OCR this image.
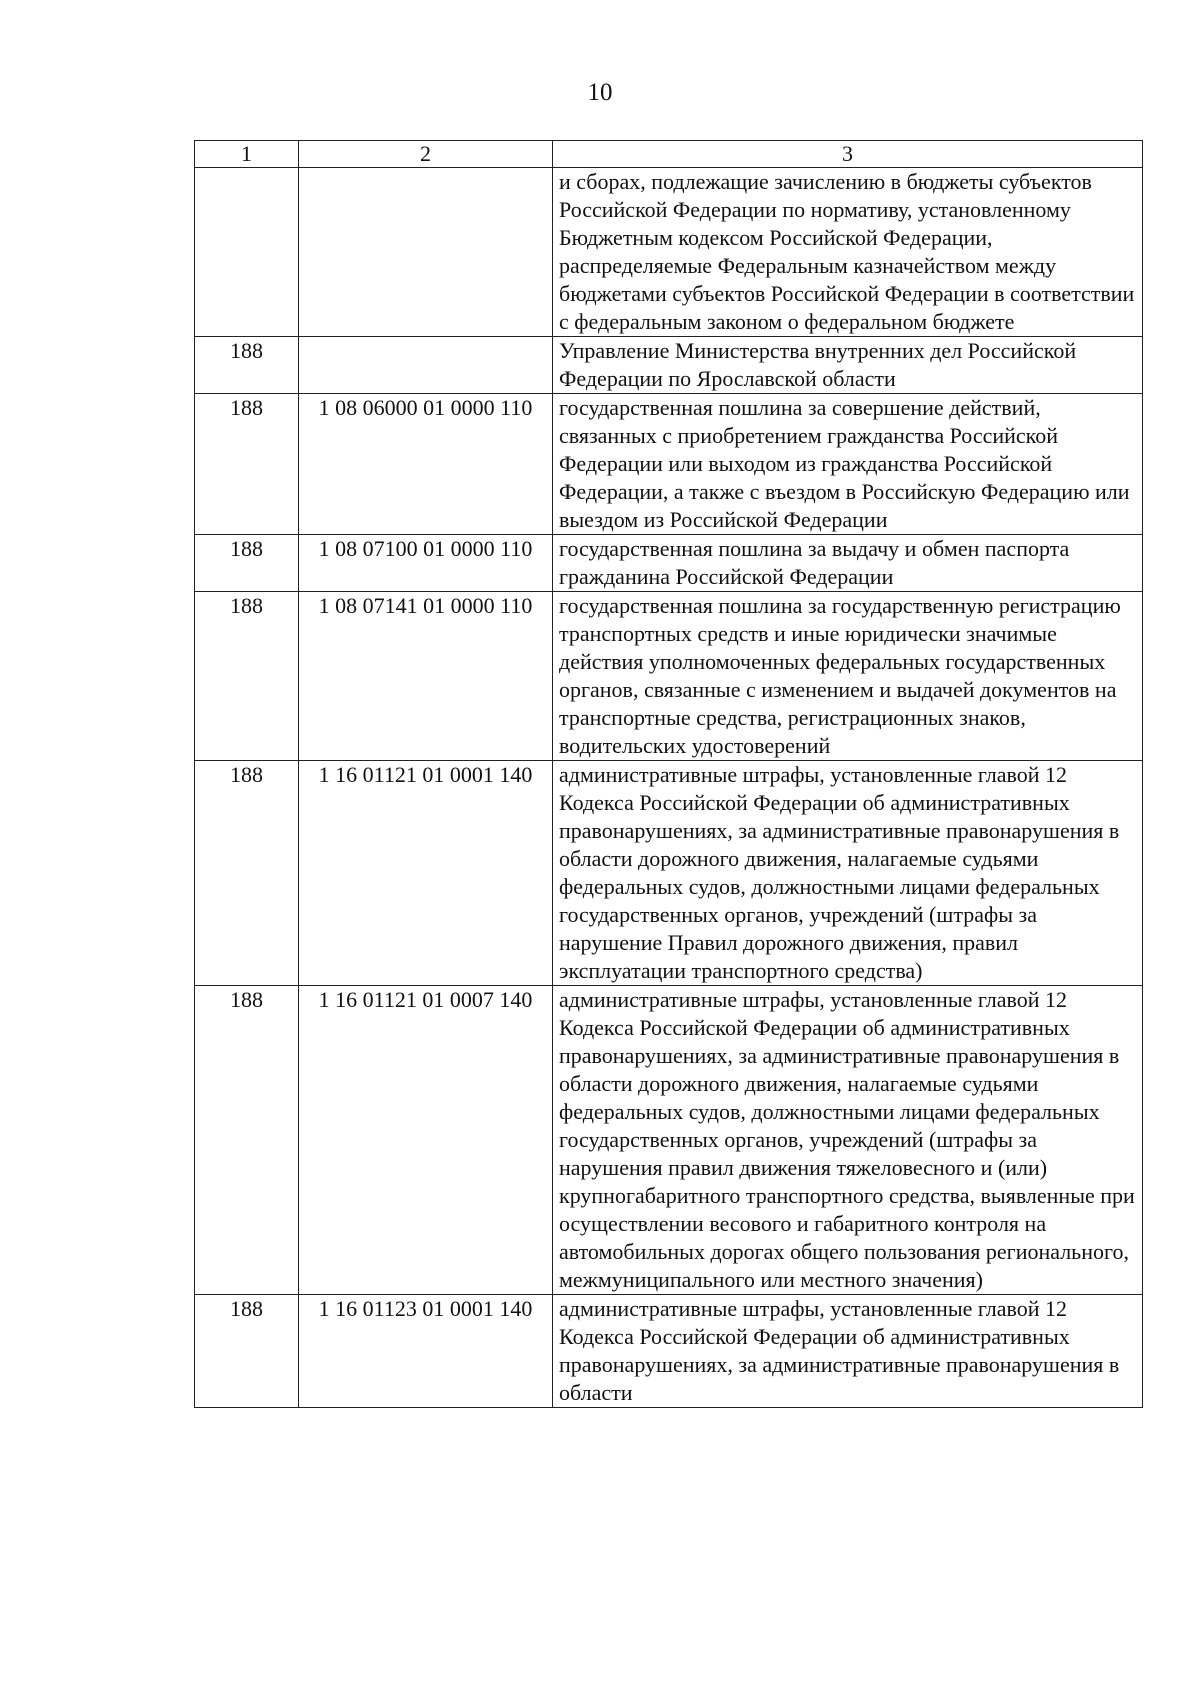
10
1	2	3
		и сборах, подлежащие зачислению в бюджеты субъектов Российской Федерации по нормативу, установленному Бюджетным кодексом Российской Федерации, распределяемые Федеральным казначейством между бюджетами субъектов Российской Федерации в соответствии с федеральным законом о федеральном бюджете
188		Управление Министерства внутренних дел Российской Федерации по Ярославской области
188	1 08 06000 01 0000 110	государственная пошлина за совершение действий, связанных с приобретением гражданства Российской Федерации или выходом из гражданства Российской Федерации, а также с въездом в Российскую Федерацию или выездом из Российской Федерации
188	1 08 07100 01 0000 110	государственная пошлина за выдачу и обмен паспорта гражданина Российской Федерации
188	1 08 07141 01 0000 110	государственная пошлина за государственную регистрацию транспортных средств и иные юридически значимые действия уполномоченных федеральных государственных органов, связанные с изменением и выдачей документов на транспортные средства, регистрационных знаков, водительских удостоверений
188	1 16 01121 01 0001 140	административные штрафы, установленные главой 12 Кодекса Российской Федерации об административных правонарушениях, за административные правонарушения в области дорожного движения, налагаемые судьями федеральных судов, должностными лицами федеральных государственных органов, учреждений (штрафы за нарушение Правил дорожного движения, правил эксплуатации транспортного средства)
188	1 16 01121 01 0007 140	административные штрафы, установленные главой 12 Кодекса Российской Федерации об административных правонарушениях, за административные правонарушения в области дорожного движения, налагаемые судьями федеральных судов, должностными лицами федеральных государственных органов, учреждений (штрафы за нарушения правил движения тяжеловесного и (или) крупногабаритного транспортного средства, выявленные при осуществлении весового и габаритного контроля на автомобильных дорогах общего пользования регионального, межмуниципального или местного значения)
188	1 16 01123 01 0001 140	административные штрафы, установленные главой 12 Кодекса Российской Федерации об административных правонарушениях, за административные правонарушения в области
